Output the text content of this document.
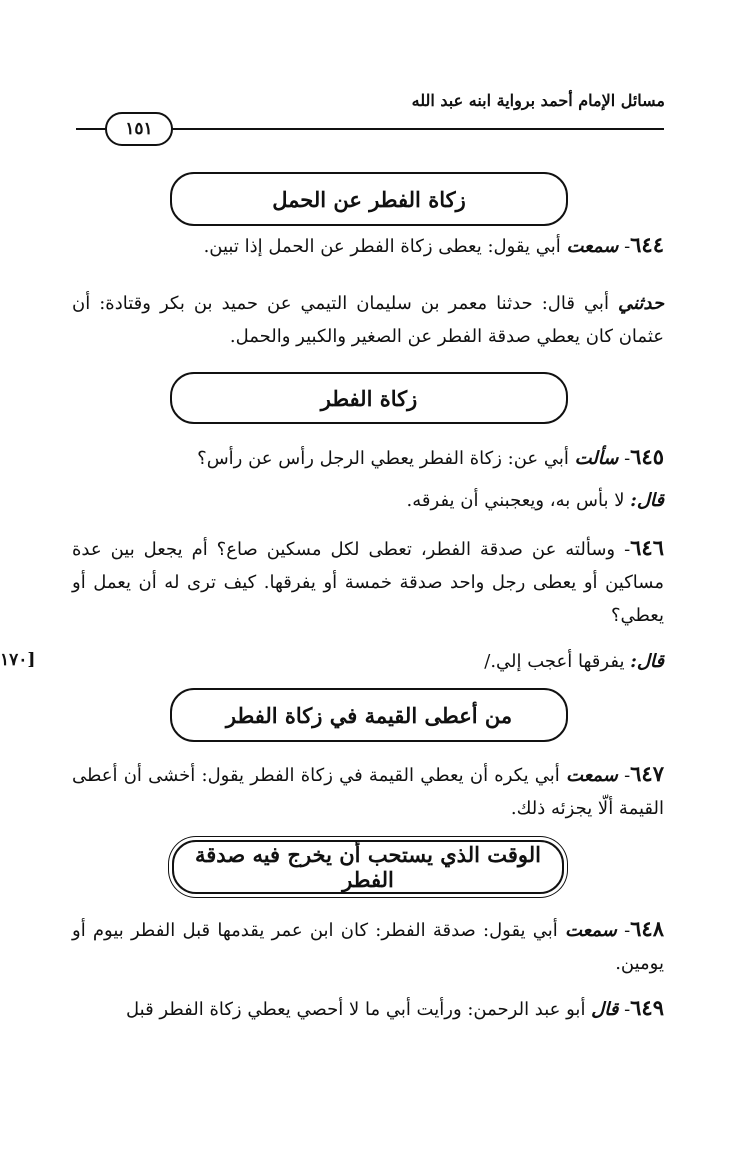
مسائل الإمام أحمد برواية ابنه عبد الله
١٥١
زكاة الفطر عن الحمل

٦٤٤- سمعت أبي يقول: يعطى زكاة الفطر عن الحمل إذا تبين.

حدثني أبي قال: حدثنا معمر بن سليمان التيمي عن حميد بن بكر وقتادة: أن عثمان كان يعطي صدقة الفطر عن الصغير والكبير والحمل.

زكاة الفطر

٦٤٥- سألت أبي عن: زكاة الفطر يعطي الرجل رأس عن رأس؟

قال: لا بأس به، ويعجبني أن يفرقه.

٦٤٦- وسألته عن صدقة الفطر، تعطى لكل مسكين صاع؟ أم يجعل بين عدة مساكين أو يعطى رجل واحد صدقة خمسة أو يفرقها. كيف ترى له أن يعمل أو يعطي؟

قال: يفرقها أعجب إلي./

[١٧٠
من أعطى القيمة في زكاة الفطر

٦٤٧- سمعت أبي يكره أن يعطي القيمة في زكاة الفطر يقول: أخشى أن أعطى القيمة ألّا يجزئه ذلك.

الوقت الذي يستحب أن يخرج فيه صدقة الفطر

٦٤٨- سمعت أبي يقول: صدقة الفطر: كان ابن عمر يقدمها قبل الفطر بيوم أو يومين.

٦٤٩- قال أبو عبد الرحمن: ورأيت أبي ما لا أحصي يعطي زكاة الفطر قبل
